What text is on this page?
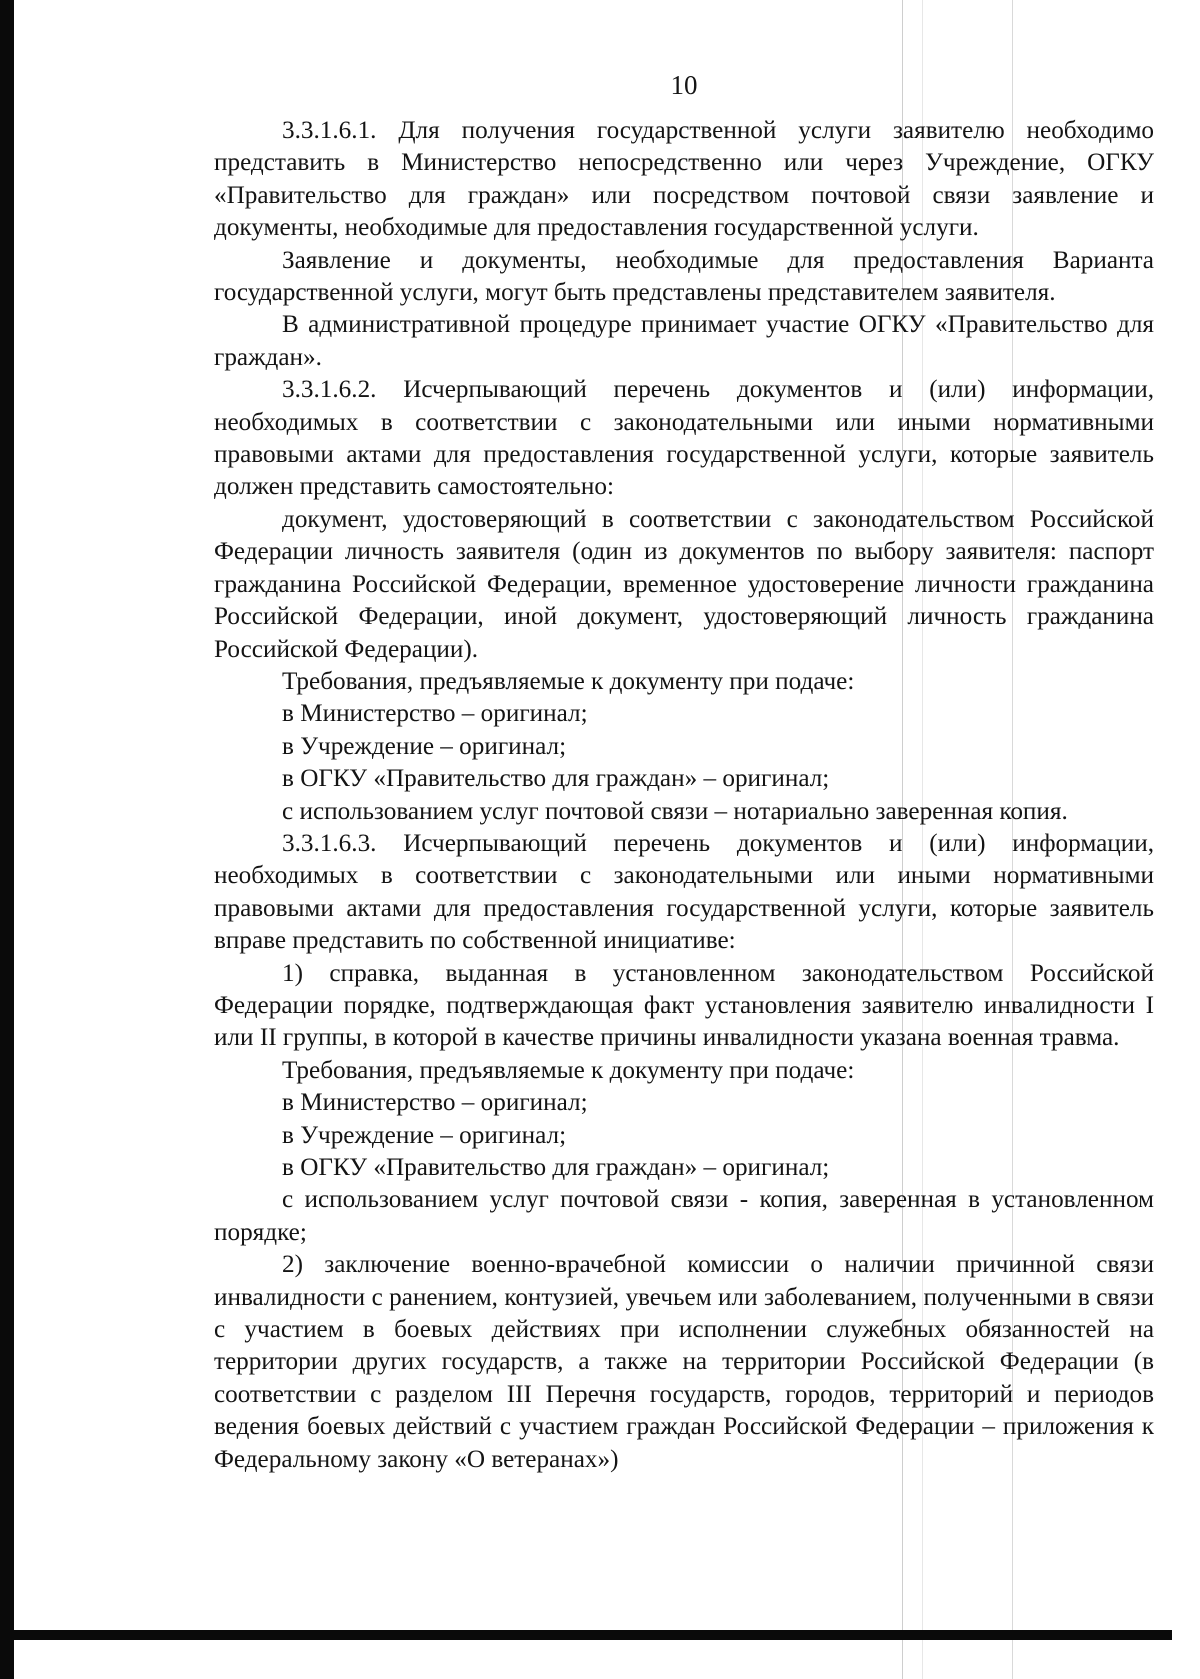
10

3.3.1.6.1. Для получения государственной услуги заявителю необходимо представить в Министерство непосредственно или через Учреждение, ОГКУ «Правительство для граждан» или посредством почтовой связи заявление и документы, необходимые для предоставления государственной услуги.

Заявление и документы, необходимые для предоставления Варианта государственной услуги, могут быть представлены представителем заявителя.

В административной процедуре принимает участие ОГКУ «Правительство для граждан».

3.3.1.6.2. Исчерпывающий перечень документов и (или) информации, необходимых в соответствии с законодательными или иными нормативными правовыми актами для предоставления государственной услуги, которые заявитель должен представить самостоятельно:

документ, удостоверяющий в соответствии с законодательством Российской Федерации личность заявителя (один из документов по выбору заявителя: паспорт гражданина Российской Федерации, временное удостоверение личности гражданина Российской Федерации, иной документ, удостоверяющий личность гражданина Российской Федерации).

Требования, предъявляемые к документу при подаче:

в Министерство – оригинал;

в Учреждение – оригинал;

в ОГКУ «Правительство для граждан» – оригинал;

с использованием услуг почтовой связи – нотариально заверенная копия.

3.3.1.6.3. Исчерпывающий перечень документов и (или) информации, необходимых в соответствии с законодательными или иными нормативными правовыми актами для предоставления государственной услуги, которые заявитель вправе представить по собственной инициативе:

1) справка, выданная в установленном законодательством Российской Федерации порядке, подтверждающая факт установления заявителю инвалидности I или II группы, в которой в качестве причины инвалидности указана военная травма.

Требования, предъявляемые к документу при подаче:

в Министерство – оригинал;

в Учреждение – оригинал;

в ОГКУ «Правительство для граждан» – оригинал;

с использованием услуг почтовой связи - копия, заверенная в установленном порядке;

2) заключение военно-врачебной комиссии о наличии причинной связи инвалидности с ранением, контузией, увечьем или заболеванием, полученными в связи с участием в боевых действиях при исполнении служебных обязанностей на территории других государств, а также на территории Российской Федерации (в соответствии с разделом III Перечня государств, городов, территорий и периодов ведения боевых действий с участием граждан Российской Федерации – приложения к Федеральному закону «О ветеранах»)
